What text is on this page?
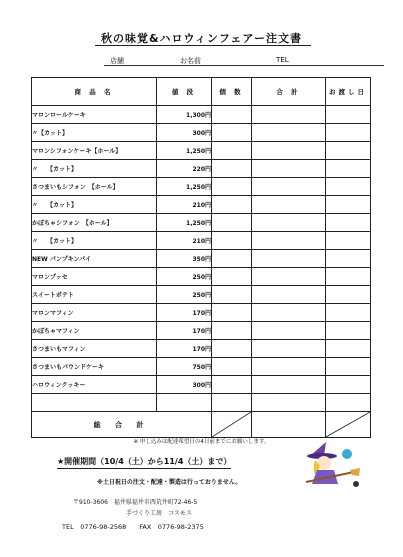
秋の味覚&ハロウィンフェアー注文書
店舗	お名前	TEL
商 品 名	値 段	個 数	合 計	お渡し日
マロンロールケーキ	1,300円			
〃【カット】	300円			
マロンシフォンケーキ【ホール】	1,250円			
〃　　【カット】	220円			
さつまいもシフォン　【ホール】	1,250円			
〃　　【カット】	210円			
かぼちゃシフォン　【ホール】	1,250円			
〃　　【カット】	210円			
NEW パンプキンパイ	350円			
マロンプッセ	250円			
スイートポテト	250円			
マロンマフィン	170円			
かぼちゃマフィン	170円			
さつまいもマフィン	170円			
さつまいもパウンドケーキ	750円			
ハロウィンクッキー	300円			

総 合 計	

※ 申し込みは配達希望日の4日前までにお願いします。
★開催期間（10/4（土）から11/4（土）まで）
※土日祝日の注文・配達・製造は行っておりません。
〒910-3606　福井県福井市西荒井町72-46-5
手づくり工房　コスモス
TEL　0776-98-2568　　FAX　0776-98-2375
